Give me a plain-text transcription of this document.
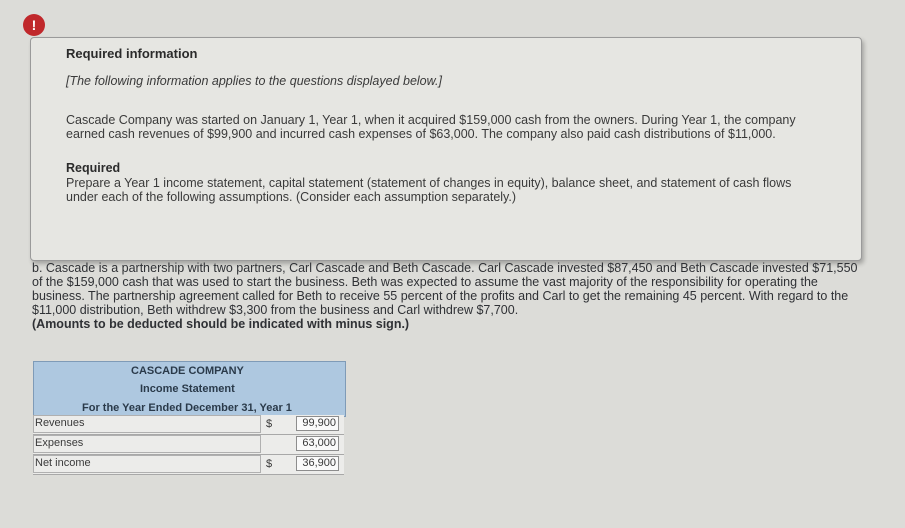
!
Required information
[The following information applies to the questions displayed below.]
Cascade Company was started on January 1, Year 1, when it acquired $159,000 cash from the owners. During Year 1, the company earned cash revenues of $99,900 and incurred cash expenses of $63,000. The company also paid cash distributions of $11,000.
Required
Prepare a Year 1 income statement, capital statement (statement of changes in equity), balance sheet, and statement of cash flows under each of the following assumptions. (Consider each assumption separately.)
b. Cascade is a partnership with two partners, Carl Cascade and Beth Cascade. Carl Cascade invested $87,450 and Beth Cascade invested $71,550 of the $159,000 cash that was used to start the business. Beth was expected to assume the vast majority of the responsibility for operating the business. The partnership agreement called for Beth to receive 55 percent of the profits and Carl to get the remaining 45 percent. With regard to the $11,000 distribution, Beth withdrew $3,300 from the business and Carl withdrew $7,700.
(Amounts to be deducted should be indicated with minus sign.)
CASCADE COMPANY
Income Statement
For the Year Ended December 31, Year 1
Revenues	$	99,900
Expenses	63,000
Net income	$	36,900
